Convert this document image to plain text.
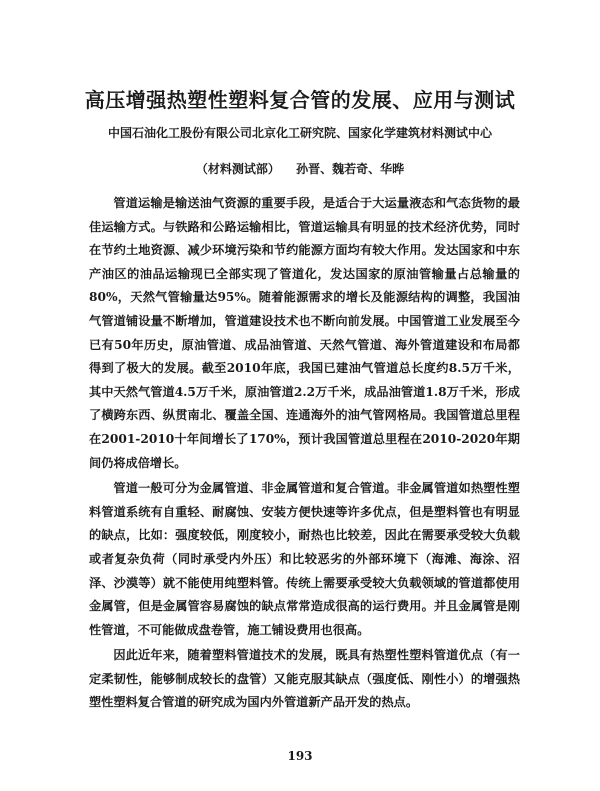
高压增强热塑性塑料复合管的发展、应用与测试
中国石油化工股份有限公司北京化工研究院、国家化学建筑材料测试中心
（材料测试部） 孙晋、魏若奇、华晔

管道运输是输送油气资源的重要手段，是适合于大运量液态和气态货物的最佳运输方式。与铁路和公路运输相比，管道运输具有明显的技术经济优势，同时在节约土地资源、减少环境污染和节约能源方面均有较大作用。发达国家和中东产油区的油品运输现已全部实现了管道化，发达国家的原油管输量占总输量的80%，天然气管输量达95%。随着能源需求的增长及能源结构的调整，我国油气管道铺设量不断增加，管道建设技术也不断向前发展。中国管道工业发展至今已有50年历史，原油管道、成品油管道、天然气管道、海外管道建设和布局都得到了极大的发展。截至2010年底，我国已建油气管道总长度约8.5万千米，其中天然气管道4.5万千米，原油管道2.2万千米，成品油管道1.8万千米，形成了横跨东西、纵贯南北、覆盖全国、连通海外的油气管网格局。我国管道总里程在2001-2010十年间增长了170%，预计我国管道总里程在2010-2020年期间仍将成倍增长。

管道一般可分为金属管道、非金属管道和复合管道。非金属管道如热塑性塑料管道系统有自重轻、耐腐蚀、安装方便快速等许多优点，但是塑料管也有明显的缺点，比如：强度较低，刚度较小，耐热也比较差，因此在需要承受较大负载或者复杂负荷（同时承受内外压）和比较恶劣的外部环境下（海滩、海涂、沼泽、沙漠等）就不能使用纯塑料管。传统上需要承受较大负载领域的管道都使用金属管，但是金属管容易腐蚀的缺点常常造成很高的运行费用。并且金属管是刚性管道，不可能做成盘卷管，施工铺设费用也很高。

因此近年来，随着塑料管道技术的发展，既具有热塑性塑料管道优点（有一定柔韧性，能够制成较长的盘管）又能克服其缺点（强度低、刚性小）的增强热塑性塑料复合管道的研究成为国内外管道新产品开发的热点。

193
